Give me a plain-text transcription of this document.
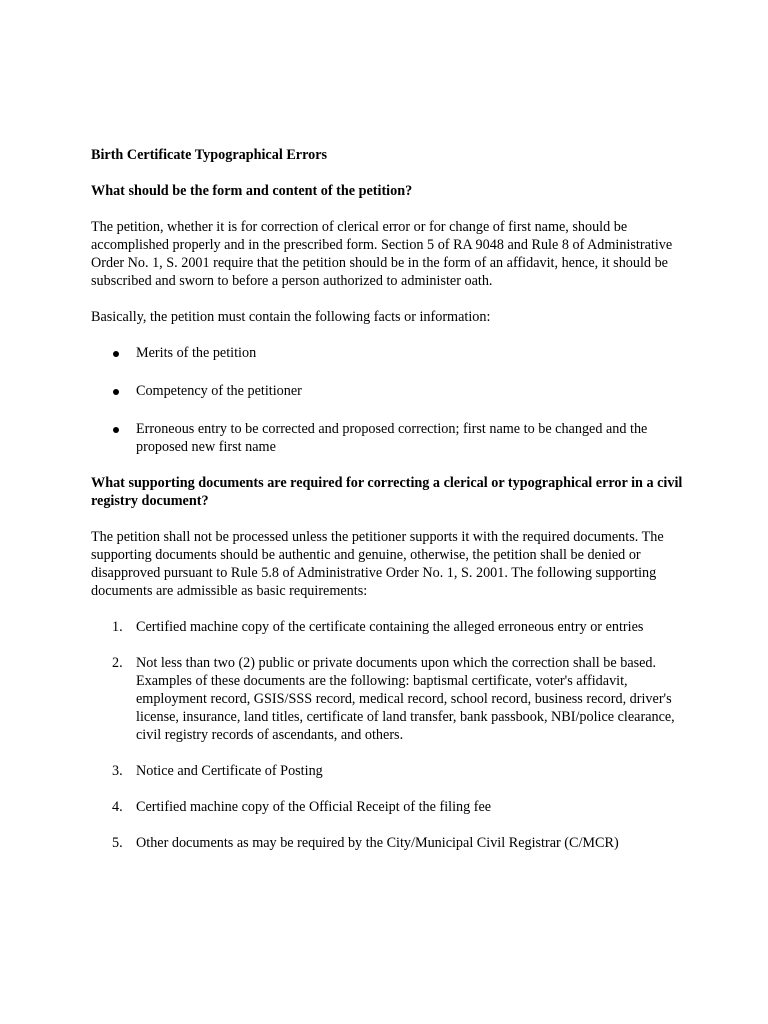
Birth Certificate Typographical Errors
What should be the form and content of the petition?

The petition, whether it is for correction of clerical error or for change of first name, should be accomplished properly and in the prescribed form. Section 5 of RA 9048 and Rule 8 of Administrative Order No. 1, S. 2001 require that the petition should be in the form of an affidavit, hence, it should be subscribed and sworn to before a person authorized to administer oath.

Basically, the petition must contain the following facts or information:

Merits of the petition
Competency of the petitioner
Erroneous entry to be corrected and proposed correction; first name to be changed and the proposed new first name
What supporting documents are required for correcting a clerical or typographical error in a civil registry document?

The petition shall not be processed unless the petitioner supports it with the required documents. The supporting documents should be authentic and genuine, otherwise, the petition shall be denied or disapproved pursuant to Rule 5.8 of Administrative Order No. 1, S. 2001. The following supporting documents are admissible as basic requirements:

1. Certified machine copy of the certificate containing the alleged erroneous entry or entries
2. Not less than two (2) public or private documents upon which the correction shall be based. Examples of these documents are the following: baptismal certificate, voter's affidavit, employment record, GSIS/SSS record, medical record, school record, business record, driver's license, insurance, land titles, certificate of land transfer, bank passbook, NBI/police clearance, civil registry records of ascendants, and others.
3. Notice and Certificate of Posting
4. Certified machine copy of the Official Receipt of the filing fee
5. Other documents as may be required by the City/Municipal Civil Registrar (C/MCR)
